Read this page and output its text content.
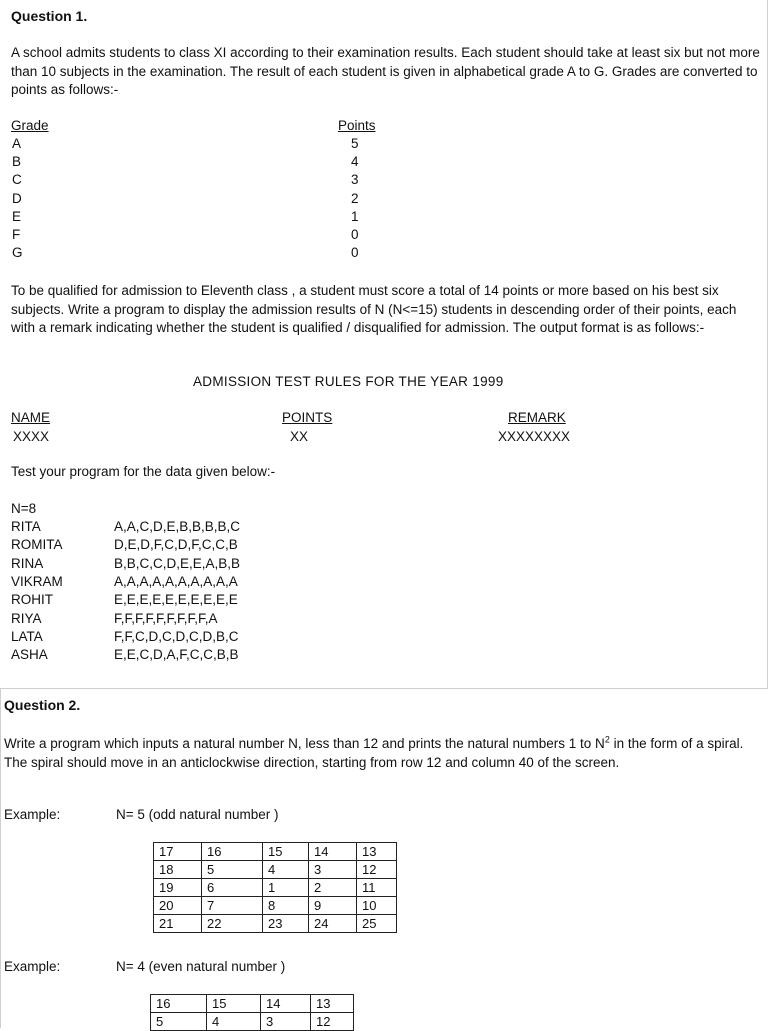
Question 1.
A school admits students to class XI according to their examination results. Each student should take at least six but not more than 10 subjects in the examination. The result of each student is given in alphabetical grade A to G. Grades are converted to points as follows:-
Grade	Points
A	5
B	4
C	3
D	2
E	1
F	0
G	0
To be qualified for admission to Eleventh class , a student must score a total of 14 points or more based on his best six subjects. Write a program to display the admission results of N (N<=15) students in descending order of their points, each with a remark indicating whether the student is qualified / disqualified for admission. The output format is as follows:-
ADMISSION TEST RULES FOR THE YEAR 1999
NAME	POINTS	REMARK
XXXX	XX	XXXXXXXX
Test your program for the data given below:-
N=8
RITA	A,A,C,D,E,B,B,B,B,C
ROMITA	D,E,D,F,C,D,F,C,C,B
RINA	B,B,C,C,D,E,E,A,B,B
VIKRAM	A,A,A,A,A,A,A,A,A,A
ROHIT	E,E,E,E,E,E,E,E,E,E
RIYA	F,F,F,F,F,F,F,F,F,A
LATA	F,F,C,D,C,D,C,D,B,C
ASHA	E,E,C,D,A,F,C,C,B,B
Question 2.
Write a program which inputs a natural number N, less than 12 and prints the natural numbers 1 to $N^2$ in the form of a spiral. The spiral should move in an anticlockwise direction, starting from row 12 and column 40 of the screen.
Example:	N= 5 (odd natural number )
17	16	15	14	13
18	5	4	3	12
19	6	1	2	11
20	7	8	9	10
21	22	23	24	25
Example:	N= 4 (even natural number )
16	15	14	13
5	4	3	12
